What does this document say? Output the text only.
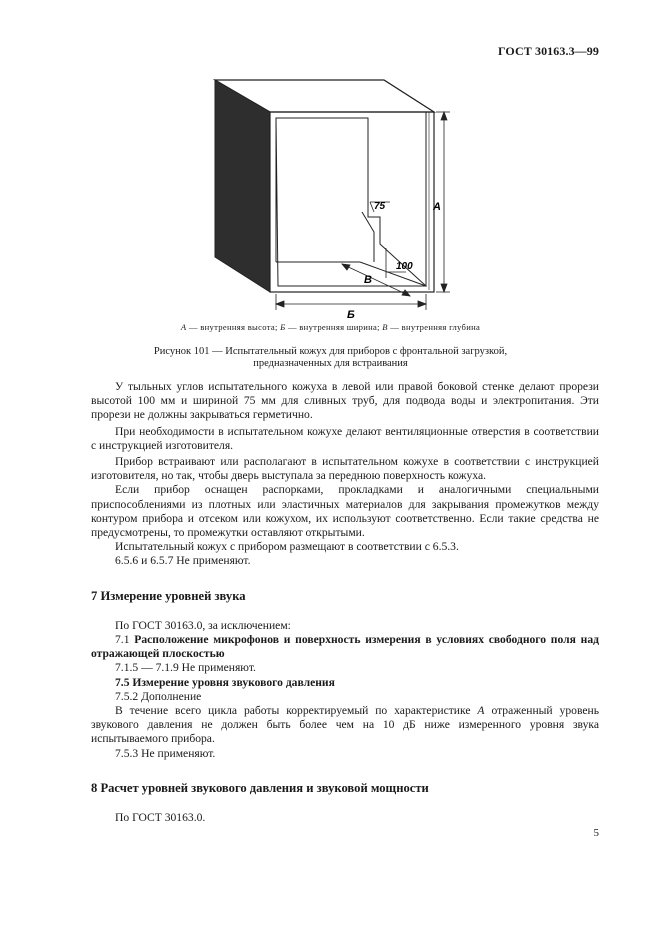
ГОСТ 30163.3—99
A
Б
В
75
100
А — внутренняя высота; Б — внутренняя ширина; В — внутренняя глубина
Рисунок 101 — Испытательный кожух для приборов с фронтальной загрузкой,
предназначенных для встраивания

У тыльных углов испытательного кожуха в левой или правой боковой стенке делают прорези высотой 100 мм и шириной 75 мм для сливных труб, для подвода воды и электропитания. Эти прорези не должны закрываться герметично.

При необходимости в испытательном кожухе делают вентиляционные отверстия в соответствии с инструкцией изготовителя.

Прибор встраивают или располагают в испытательном кожухе в соответствии с инструкцией изготовителя, но так, чтобы дверь выступала за переднюю поверхность кожуха.

Если прибор оснащен распорками, прокладками и аналогичными специальными приспособлениями из плотных или эластичных материалов для закрывания промежутков между контуром прибора и отсеком или кожухом, их используют соответственно. Если такие средства не предусмотрены, то промежутки оставляют открытыми.

Испытательный кожух с прибором размещают в соответствии с 6.5.3.

6.5.6 и 6.5.7 Не применяют.

7 Измерение уровней звука

По ГОСТ 30163.0, за исключением:

7.1 Расположение микрофонов и поверхность измерения в условиях свободного поля над отражающей плоскостью

7.1.5 — 7.1.9 Не применяют.

7.5 Измерение уровня звукового давления

7.5.2 Дополнение

В течение всего цикла работы корректируемый по характеристике А отраженный уровень звукового давления не должен быть более чем на 10 дБ ниже измеренного уровня звука испытываемого прибора.

7.5.3 Не применяют.

8 Расчет уровней звукового давления и звуковой мощности

По ГОСТ 30163.0.

5
